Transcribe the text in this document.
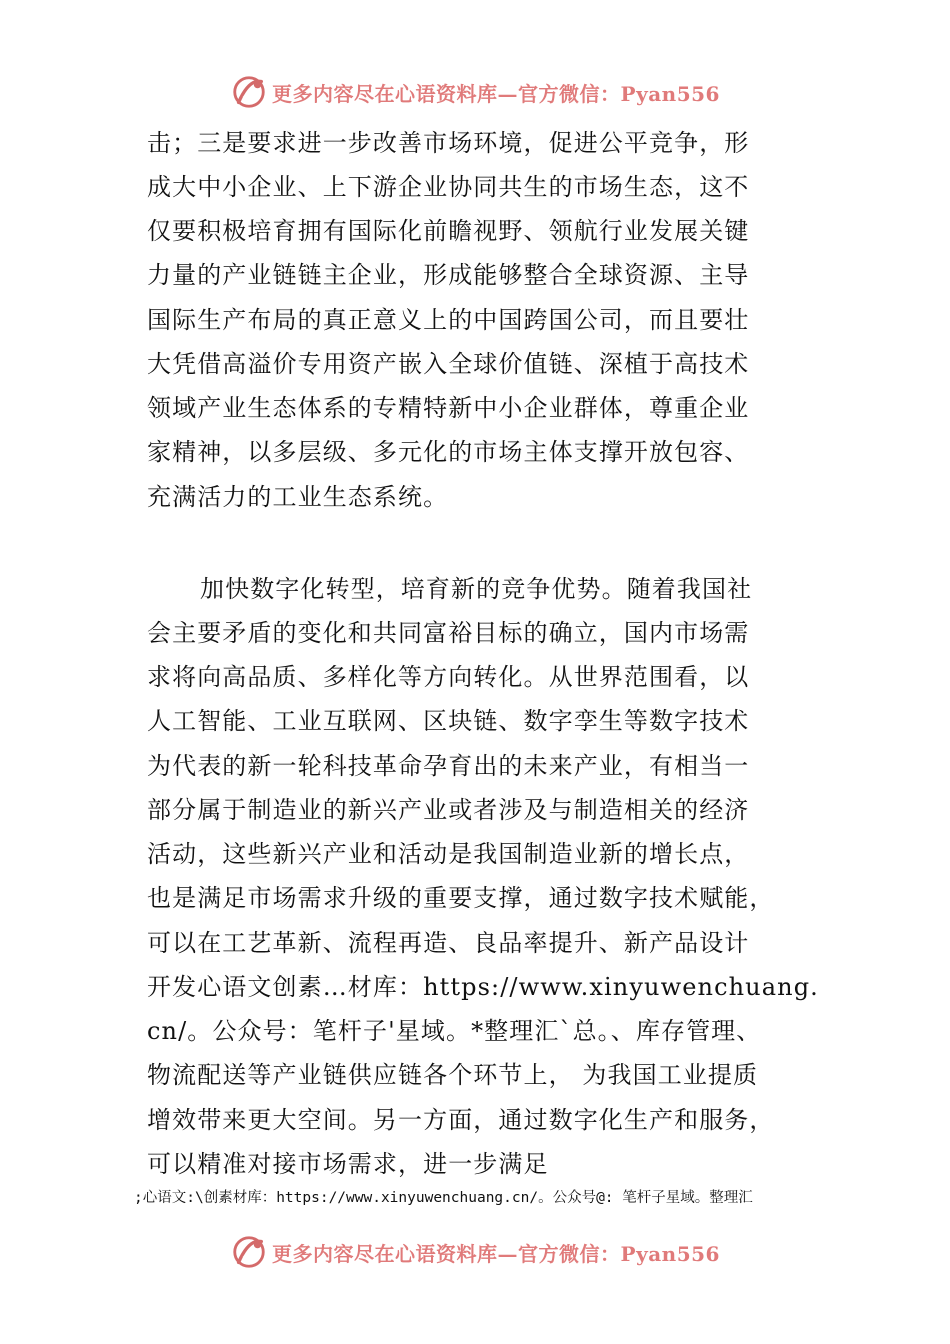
更多内容尽在心语资料库—官方微信：Pyan556
击；三是要求进一步改善市场环境，促进公平竞争，形
成大中小企业、上下游企业协同共生的市场生态，这不
仅要积极培育拥有国际化前瞻视野、领航行业发展关键
力量的产业链链主企业，形成能够整合全球资源、主导
国际生产布局的真正意义上的中国跨国公司，而且要壮
大凭借高溢价专用资产嵌入全球价值链、深植于高技术
领域产业生态体系的专精特新中小企业群体，尊重企业
家精神，以多层级、多元化的市场主体支撑开放包容、
充满活力的工业生态系统。
加快数字化转型，培育新的竞争优势。随着我国社
会主要矛盾的变化和共同富裕目标的确立，国内市场需
求将向高品质、多样化等方向转化。从世界范围看，以
人工智能、工业互联网、区块链、数字孪生等数字技术
为代表的新一轮科技革命孕育出的未来产业，有相当一
部分属于制造业的新兴产业或者涉及与制造相关的经济
活动，这些新兴产业和活动是我国制造业新的增长点，
也是满足市场需求升级的重要支撑，通过数字技术赋能，
可以在工艺革新、流程再造、良品率提升、新产品设计
开发心语文创素…材库：https://www.xinyuwenchuang.
cn/。公众号：笔杆子'星域。*整理汇`总。、库存管理、
物流配送等产业链供应链各个环节上， 为我国工业提质
增效带来更大空间。另一方面，通过数字化生产和服务，
可以精准对接市场需求，进一步满足
;心语文:\创素材库：https://www.xinyuwenchuang.cn/。公众号@: 笔杆子星域。整理汇
更多内容尽在心语资料库—官方微信：Pyan556
